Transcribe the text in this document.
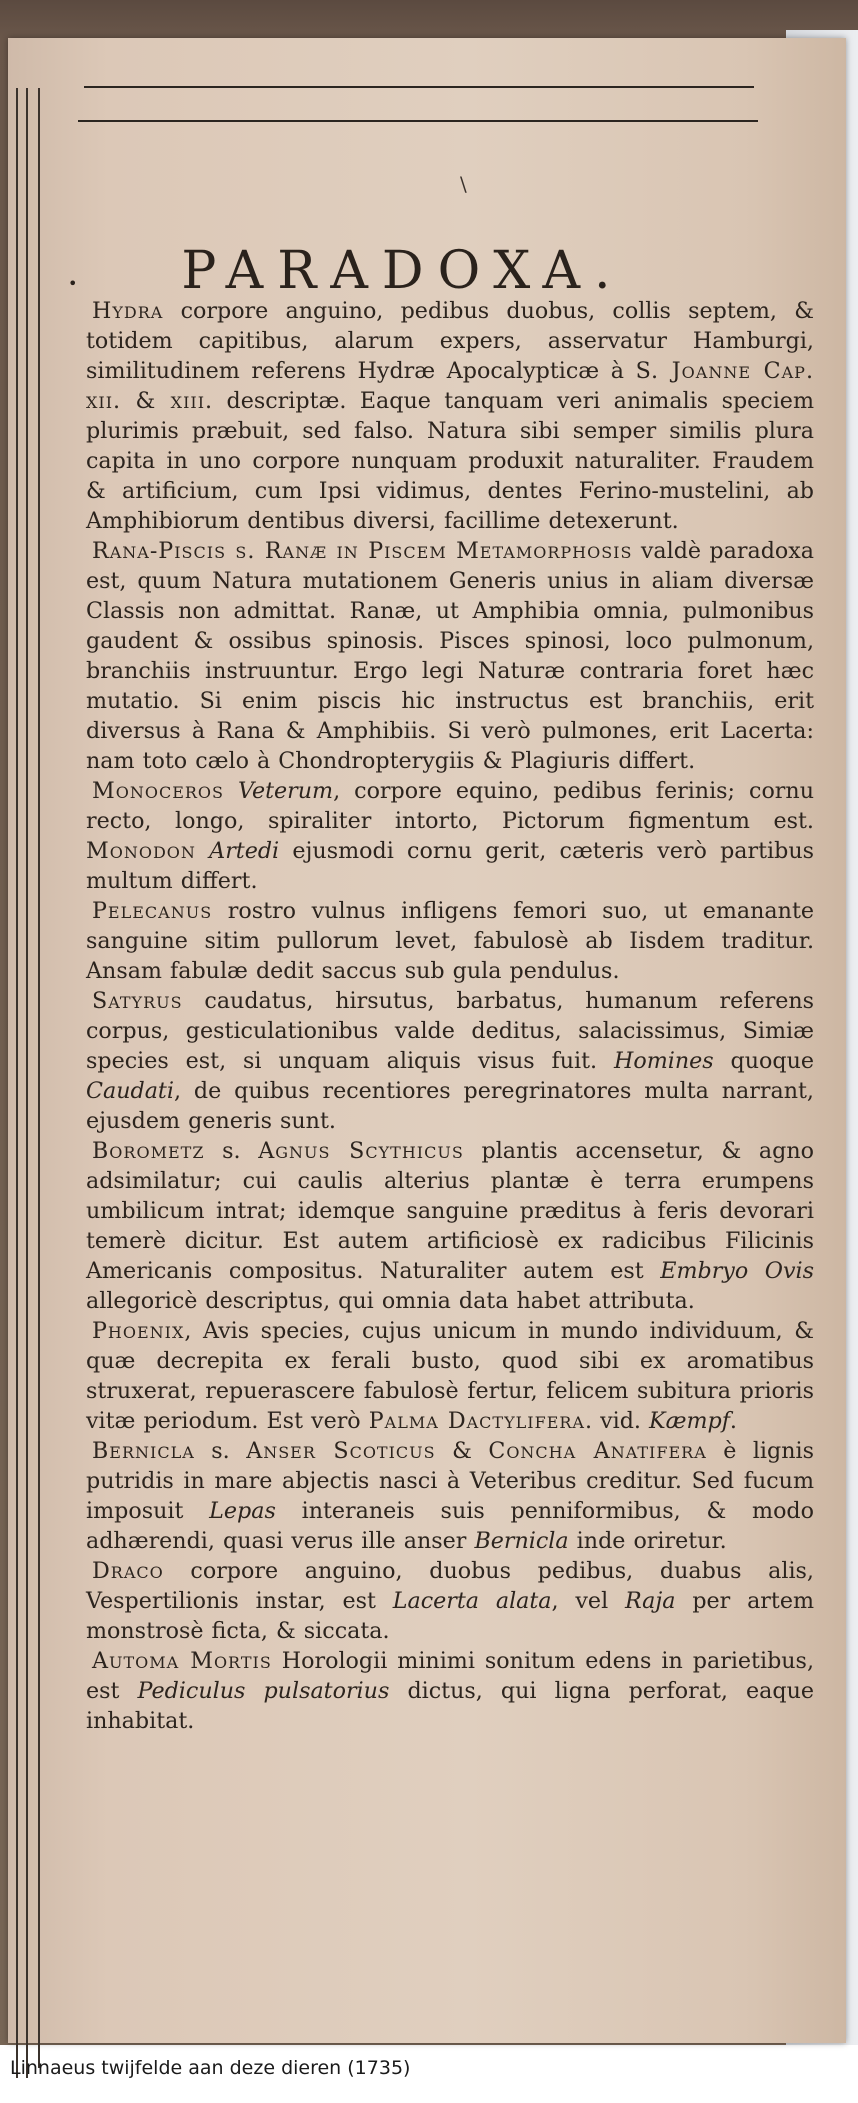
\
•	PARADOXA.

Hydra corpore anguino, pedibus duobus, collis septem, & totidem capitibus, alarum expers, asservatur Hamburgi, similitudinem referens Hydræ Apocalypticæ à S. Joanne Cap. xii. & xiii. descriptæ. Eaque tanquam veri animalis speciem plurimis præbuit, sed falso. Natura sibi semper similis plura capita in uno corpore nunquam produxit naturaliter. Fraudem & artificium, cum Ipsi vidimus, dentes Ferino-mustelini, ab Amphibiorum dentibus diversi, facillime detexerunt.

Rana-Piscis s. Ranæ in Piscem Metamorphosis valdè paradoxa est, quum Natura mutationem Generis unius in aliam diversæ Classis non admittat. Ranæ, ut Amphibia omnia, pulmonibus gaudent & ossibus spinosis. Pisces spinosi, loco pulmonum, branchiis instruuntur. Ergo legi Naturæ contraria foret hæc mutatio. Si enim piscis hic instructus est branchiis, erit diversus à Rana & Amphibiis. Si verò pulmones, erit Lacerta: nam toto cælo à Chondropterygiis & Plagiuris differt.

Monoceros Veterum, corpore equino, pedibus ferinis; cornu recto, longo, spiraliter intorto, Pictorum figmentum est. Monodon Artedi ejusmodi cornu gerit, cæteris verò partibus multum differt.

Pelecanus rostro vulnus infligens femori suo, ut emanante sanguine sitim pullorum levet, fabulosè ab Iisdem traditur. Ansam fabulæ dedit saccus sub gula pendulus.

Satyrus caudatus, hirsutus, barbatus, humanum referens corpus, gesticulationibus valde deditus, salacissimus, Simiæ species est, si unquam aliquis visus fuit. Homines quoque Caudati, de quibus recentiores peregrinatores multa narrant, ejusdem generis sunt.

Borometz s. Agnus Scythicus plantis accensetur, & agno adsimilatur; cui caulis alterius plantæ è terra erumpens umbilicum intrat; idemque sanguine præditus à feris devorari temerè dicitur. Est autem artificiosè ex radicibus Filicinis Americanis compositus. Naturaliter autem est Embryo Ovis allegoricè descriptus, qui omnia data habet attributa.

Phoenix, Avis species, cujus unicum in mundo individuum, & quæ decrepita ex ferali busto, quod sibi ex aromatibus struxerat, repuerascere fabulosè fertur, felicem subitura prioris vitæ periodum. Est verò Palma Dactylifera. vid. Kæmpf.

Bernicla s. Anser Scoticus & Concha Anatifera è lignis putridis in mare abjectis nasci à Veteribus creditur. Sed fucum imposuit Lepas interaneis suis penniformibus, & modo adhærendi, quasi verus ille anser Bernicla inde oriretur.

Draco corpore anguino, duobus pedibus, duabus alis, Vespertilionis instar, est Lacerta alata, vel Raja per artem monstrosè ficta, & siccata.

Automa Mortis Horologii minimi sonitum edens in parietibus, est Pediculus pulsatorius dictus, qui ligna perforat, eaque inhabitat.

Linnaeus twijfelde aan deze dieren (1735)
